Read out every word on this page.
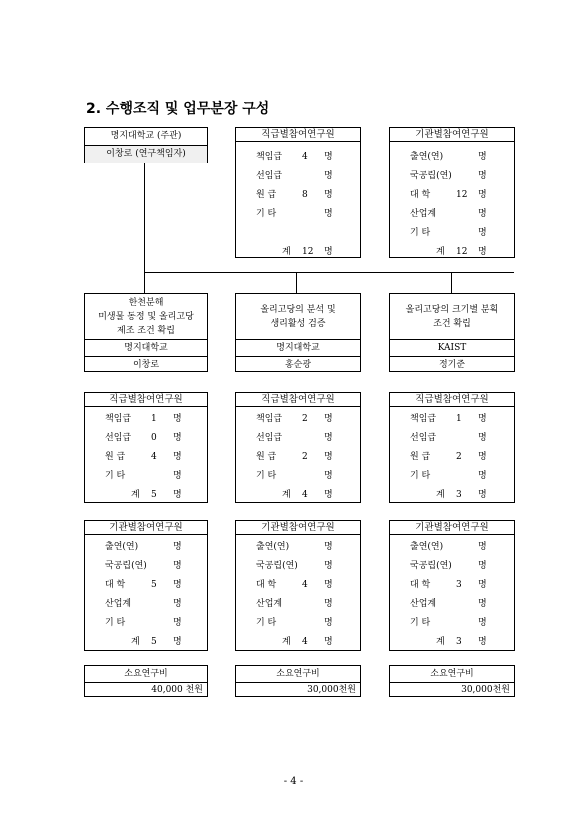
2. 수행조직 및 업무분장 구성
명지대학교 (주관)
이창로 (연구책임자)
직급별참여연구원
책임급 4 명
선임급	명
원 급	8 명
기 타	명
계 12 명
기관별참여연구원
출연(연)	명
국공립(연)	명
대 학	12 명
산업계	명
기 타	명
계 12 명
한천분해
미생물 동정 및 올리고당
제조 조건 확립
명지대학교
이창로
직급별참여연구원
책임급 1 명
선임급 0 명
원 급	4 명
기 타	명
계 5 명
기관별참여연구원
출연(연)	명
국공립(연)	명
대 학	5 명
산업계	명
기 타	명
계 5 명
소요연구비
40,000 천원
올리고당의 분석 및
생리활성 검증
명지대학교
홍순광
직급별참여연구원
책임급 2 명
선임급	명
원 급	2 명
기 타	명
계 4 명
기관별참여연구원
출연(연)	명
국공립(연)	명
대 학	4 명
산업계	명
기 타	명
계 4 명
소요연구비
30,000천원
올리고당의 크기별 분획
조건 확립
KAIST
정기준
직급별참여연구원
책임급 1 명
선임급	명
원 급	2 명
기 타	명
계 3 명
기관별참여연구원
출연(연)	명
국공립(연)	명
대 학	3 명
산업계	명
기 타	명
계 3 명
소요연구비
30,000천원
- 4 -
